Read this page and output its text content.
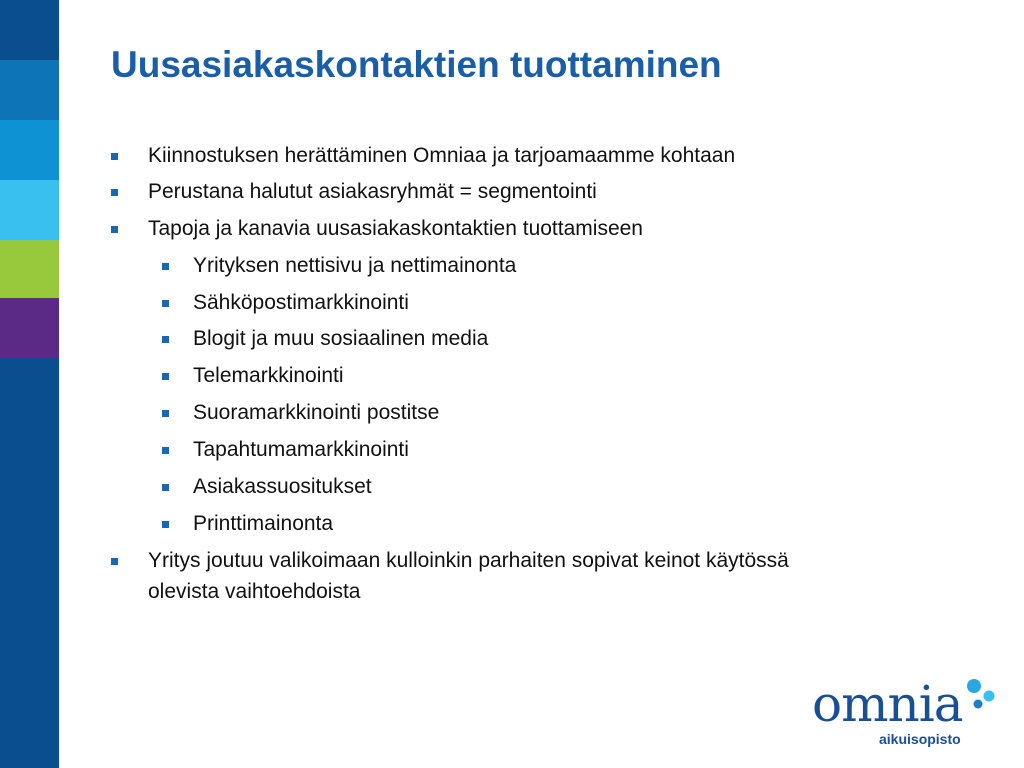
Uusasiakaskontaktien tuottaminen
Kiinnostuksen herättäminen Omniaa ja tarjoamaamme kohtaan
Perustana halutut asiakasryhmät = segmentointi
Tapoja ja kanavia uusasiakaskontaktien tuottamiseen
Yrityksen nettisivu ja nettimainonta
Sähköpostimarkkinointi
Blogit ja muu sosiaalinen media
Telemarkkinointi
Suoramarkkinointi postitse
Tapahtumamarkkinointi
Asiakassuositukset
Printtimainonta
Yritys joutuu valikoimaan kulloinkin parhaiten sopivat keinot käytössä
olevista vaihtoehdoista
omnia
aikuisopisto
